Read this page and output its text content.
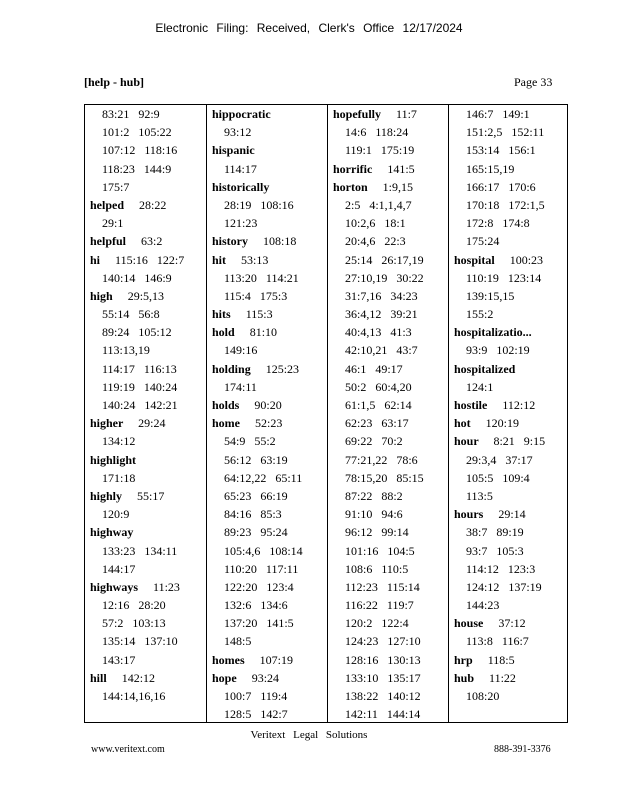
Electronic Filing: Received, Clerk's Office 12/17/2024
[help - hub]	Page 33
83:21   92:9
101:2   105:22
107:12   118:16
118:23   144:9
175:7
helped 28:22
29:1
helpful 63:2
hi 115:16   122:7
140:14   146:9
high 29:5,13
55:14   56:8
89:24   105:12
113:13,19
114:17   116:13
119:19   140:24
140:24   142:21
higher 29:24
134:12
highlight
171:18
highly 55:17
120:9
highway
133:23   134:11
144:17
highways 11:23
12:16   28:20
57:2   103:13
135:14   137:10
143:17
hill 142:12
144:14,16,16
hippocratic
93:12
hispanic
114:17
historically
28:19   108:16
121:23
history 108:18
hit 53:13
113:20   114:21
115:4   175:3
hits 115:3
hold 81:10
149:16
holding 125:23
174:11
holds 90:20
home 52:23
54:9   55:2
56:12   63:19
64:12,22   65:11
65:23   66:19
84:16   85:3
89:23   95:24
105:4,6   108:14
110:20   117:11
122:20   123:4
132:6   134:6
137:20   141:5
148:5
homes 107:19
hope 93:24
100:7   119:4
128:5   142:7
hopefully 11:7
14:6   118:24
119:1   175:19
horrific 141:5
horton 1:9,15
2:5   4:1,1,4,7
10:2,6   18:1
20:4,6   22:3
25:14   26:17,19
27:10,19   30:22
31:7,16   34:23
36:4,12   39:21
40:4,13   41:3
42:10,21   43:7
46:1   49:17
50:2   60:4,20
61:1,5   62:14
62:23   63:17
69:22   70:2
77:21,22   78:6
78:15,20   85:15
87:22   88:2
91:10   94:6
96:12   99:14
101:16   104:5
108:6   110:5
112:23   115:14
116:22   119:7
120:2   122:4
124:23   127:10
128:16   130:13
133:10   135:17
138:22   140:12
142:11   144:14
146:7   149:1
151:2,5   152:11
153:14   156:1
165:15,19
166:17   170:6
170:18   172:1,5
172:8   174:8
175:24
hospital 100:23
110:19   123:14
139:15,15
155:2
hospitalizatio...
93:9   102:19
hospitalized
124:1
hostile 112:12
hot 120:19
hour 8:21   9:15
29:3,4   37:17
105:5   109:4
113:5
hours 29:14
38:7   89:19
93:7   105:3
114:12   123:3
124:12   137:19
144:23
house 37:12
113:8   116:7
hrp 118:5
hub 11:22
108:20
Veritext Legal Solutions
www.veritext.com	888-391-3376
